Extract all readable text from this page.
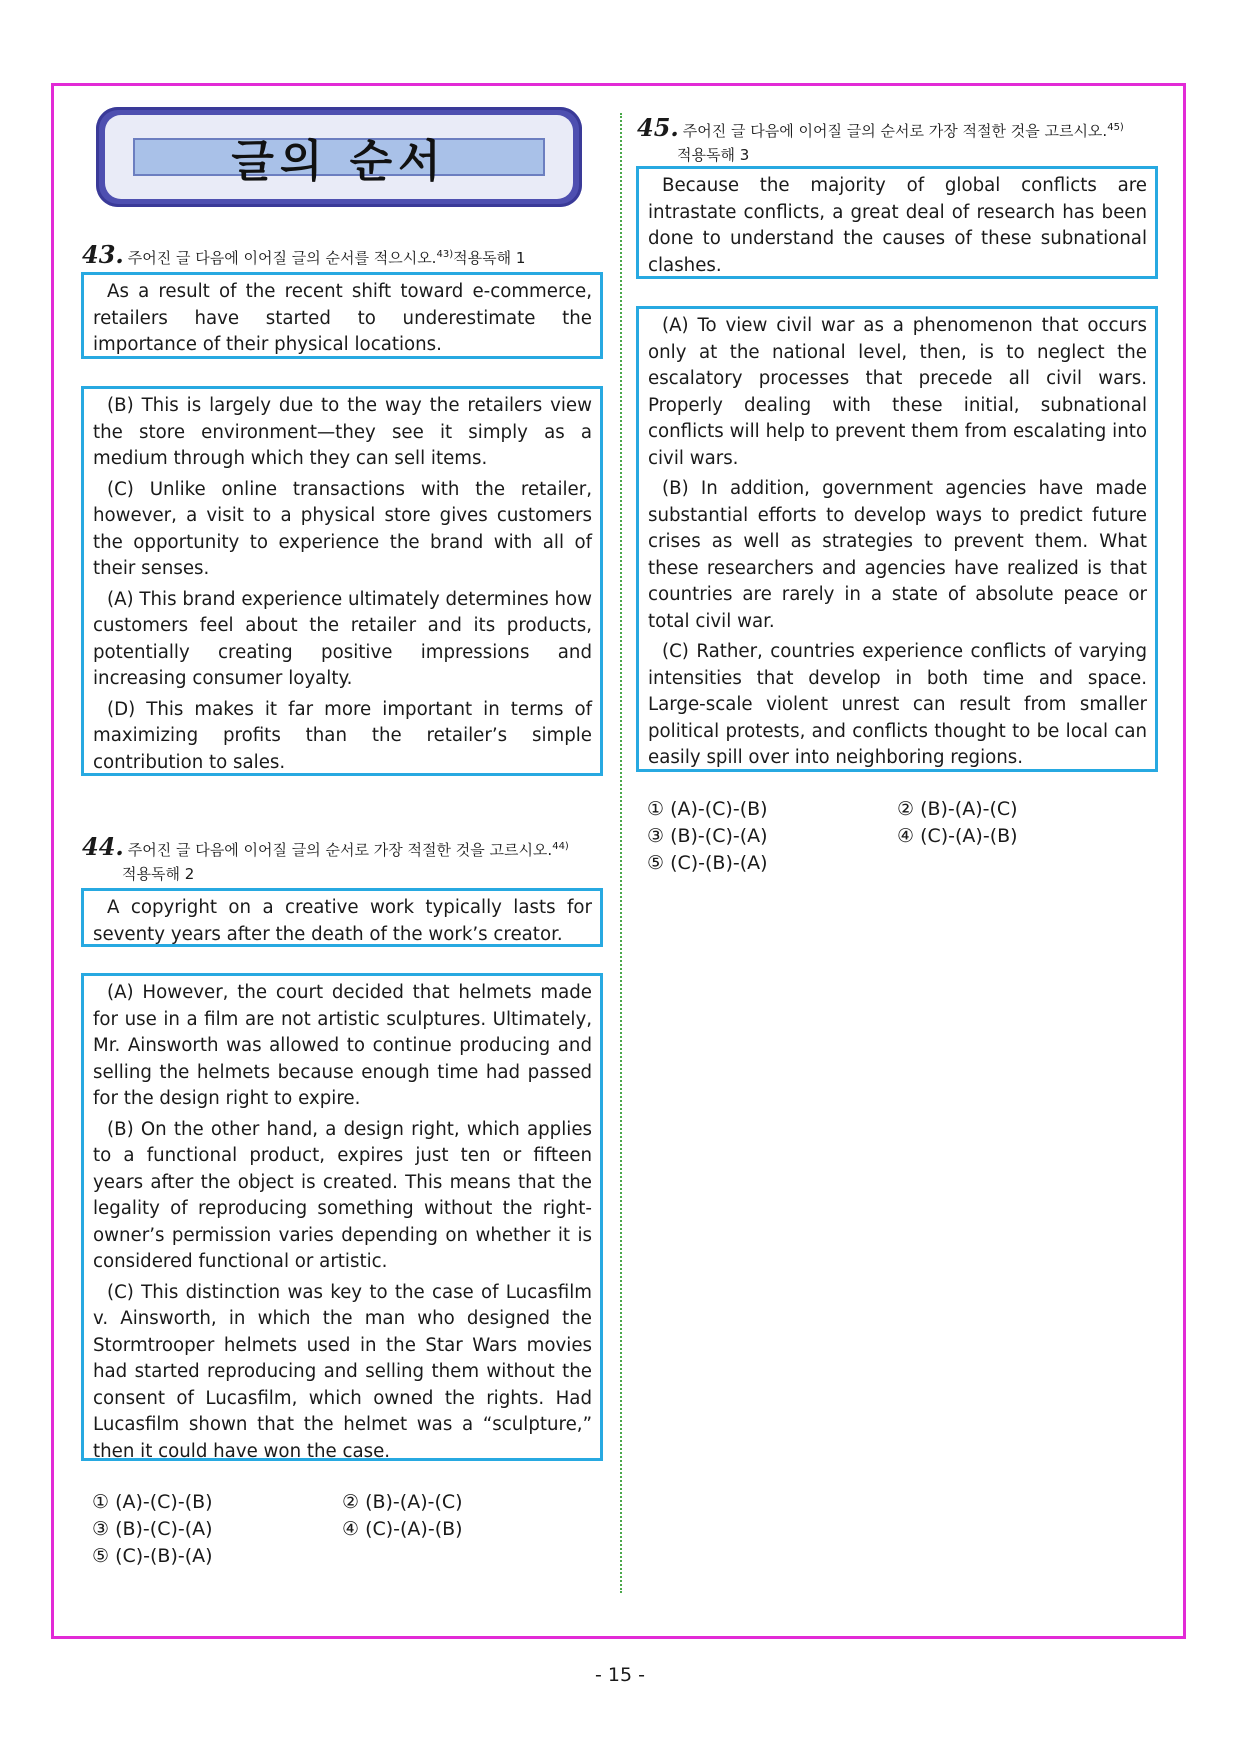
글의 순서
43. 주어진 글 다음에 이어질 글의 순서를 적으시오.$^{43)}$적용독해 1

As a result of the recent shift toward e-commerce, retailers have started to underestimate the importance of their physical locations.

(B) This is largely due to the way the retailers view the store environment—they see it simply as a medium through which they can sell items.

(C) Unlike online transactions with the retailer, however, a visit to a physical store gives customers the opportunity to experience the brand with all of their senses.

(A) This brand experience ultimately determines how customers feel about the retailer and its products, potentially creating positive impressions and increasing consumer loyalty.

(D) This makes it far more important in terms of maximizing profits than the retailer’s simple contribution to sales.

44. 주어진 글 다음에 이어질 글의 순서로 가장 적절한 것을 고르시오.$^{44)}$
적용독해 2

A copyright on a creative work typically lasts for seventy years after the death of the work’s creator.

(A) However, the court decided that helmets made for use in a film are not artistic sculptures. Ultimately, Mr. Ainsworth was allowed to continue producing and selling the helmets because enough time had passed for the design right to expire.

(B) On the other hand, a design right, which applies to a functional product, expires just ten or fifteen years after the object is created. This means that the legality of reproducing something without the right-owner’s permission varies depending on whether it is considered functional or artistic.

(C) This distinction was key to the case of Lucasfilm v. Ainsworth, in which the man who designed the Stormtrooper helmets used in the Star Wars movies had started reproducing and selling them without the consent of Lucasfilm, which owned the rights. Had Lucasfilm shown that the helmet was a “sculpture,” then it could have won the case.

① (A)-(C)-(B)	② (B)-(A)-(C)
③ (B)-(C)-(A)	④ (C)-(A)-(B)
⑤ (C)-(B)-(A)
45. 주어진 글 다음에 이어질 글의 순서로 가장 적절한 것을 고르시오.$^{45)}$
적용독해 3

Because the majority of global conflicts are intrastate conflicts, a great deal of research has been done to understand the causes of these subnational clashes.

(A) To view civil war as a phenomenon that occurs only at the national level, then, is to neglect the escalatory processes that precede all civil wars. Properly dealing with these initial, subnational conflicts will help to prevent them from escalating into civil wars.

(B) In addition, government agencies have made substantial efforts to develop ways to predict future crises as well as strategies to prevent them. What these researchers and agencies have realized is that countries are rarely in a state of absolute peace or total civil war.

(C) Rather, countries experience conflicts of varying intensities that develop in both time and space. Large-scale violent unrest can result from smaller political protests, and conflicts thought to be local can easily spill over into neighboring regions.

① (A)-(C)-(B)	② (B)-(A)-(C)
③ (B)-(C)-(A)	④ (C)-(A)-(B)
⑤ (C)-(B)-(A)
- 15 -
